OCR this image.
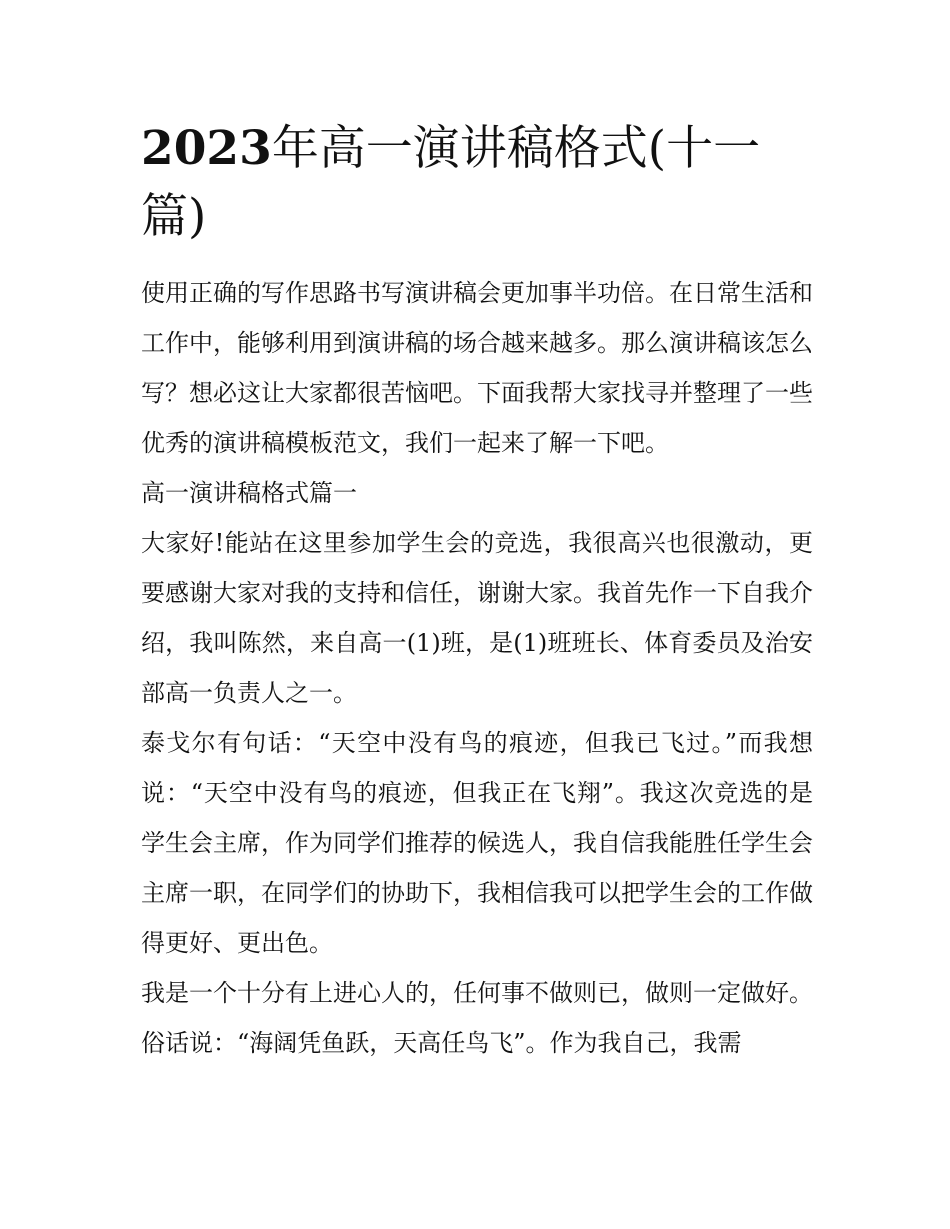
2023年高一演讲稿格式(十一篇)

使用正确的写作思路书写演讲稿会更加事半功倍。在日常生活和工作中，能够利用到演讲稿的场合越来越多。那么演讲稿该怎么写？想必这让大家都很苦恼吧。下面我帮大家找寻并整理了一些优秀的演讲稿模板范文，我们一起来了解一下吧。

高一演讲稿格式篇一

大家好!能站在这里参加学生会的竞选，我很高兴也很激动，更要感谢大家对我的支持和信任，谢谢大家。我首先作一下自我介绍，我叫陈然，来自高一(1)班，是(1)班班长、体育委员及治安部高一负责人之一。

泰戈尔有句话：“天空中没有鸟的痕迹，但我已飞过。”而我想说：“天空中没有鸟的痕迹，但我正在飞翔”。我这次竞选的是学生会主席，作为同学们推荐的候选人，我自信我能胜任学生会主席一职，在同学们的协助下，我相信我可以把学生会的工作做得更好、更出色。

我是一个十分有上进心人的，任何事不做则已，做则一定做好。俗话说：“海阔凭鱼跃，天高任鸟飞”。作为我自己，我需
